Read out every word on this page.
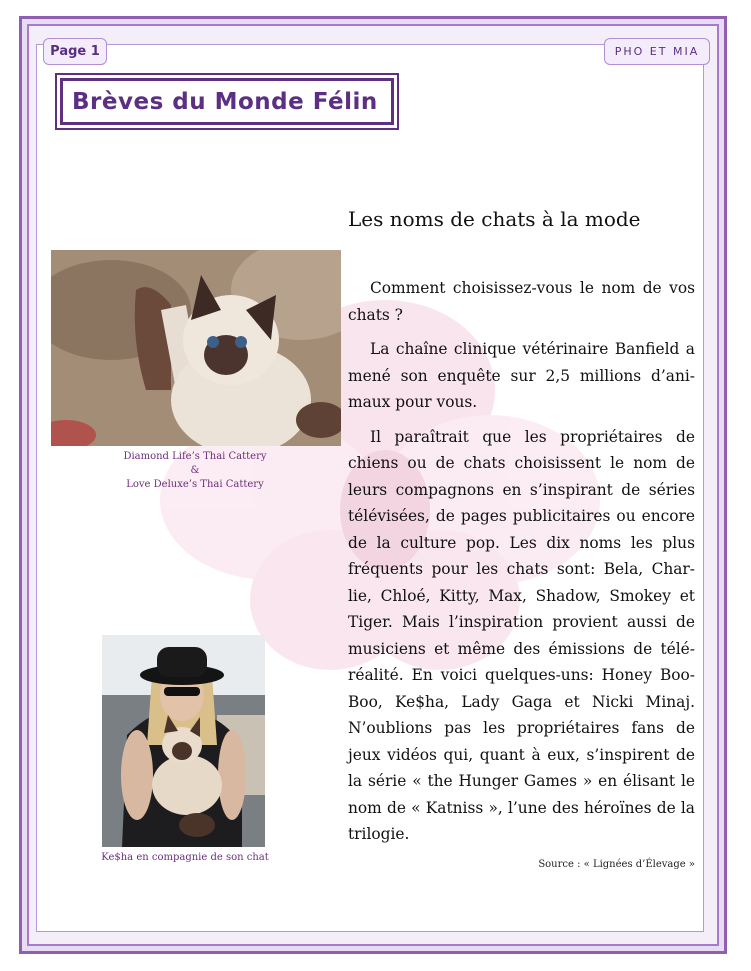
Page 1	PHO ET MIA
Brèves du Monde Félin
Diamond Life’s Thai Cattery
&
Love Deluxe’s Thai Cattery
Ke$ha en compagnie de son chat
Les noms de chats à la mode

Comment choisissez-vous le nom de vos chats ?

La chaîne clinique vétérinaire Banfield a mené son enquête sur 2,5 millions d’ani-maux pour vous.

Il paraîtrait que les propriétaires de chiens ou de chats choisissent le nom de leurs compagnons en s’inspirant de séries télévisées, de pages publicitaires ou encore de la culture pop. Les dix noms les plus fréquents pour les chats sont: Bela, Char-lie, Chloé, Kitty, Max, Shadow, Smokey et Tiger. Mais l’inspiration provient aussi de musiciens et même des émissions de télé-réalité. En voici quelques-uns: Honey Boo-Boo, Ke$ha, Lady Gaga et Nicki Minaj. N’oublions pas les propriétaires fans de jeux vidéos qui, quant à eux, s’inspirent de la série « the Hunger Games » en élisant le nom de « Katniss », l’une des héroïnes de la trilogie.

Source : « Lignées d’Élevage »
